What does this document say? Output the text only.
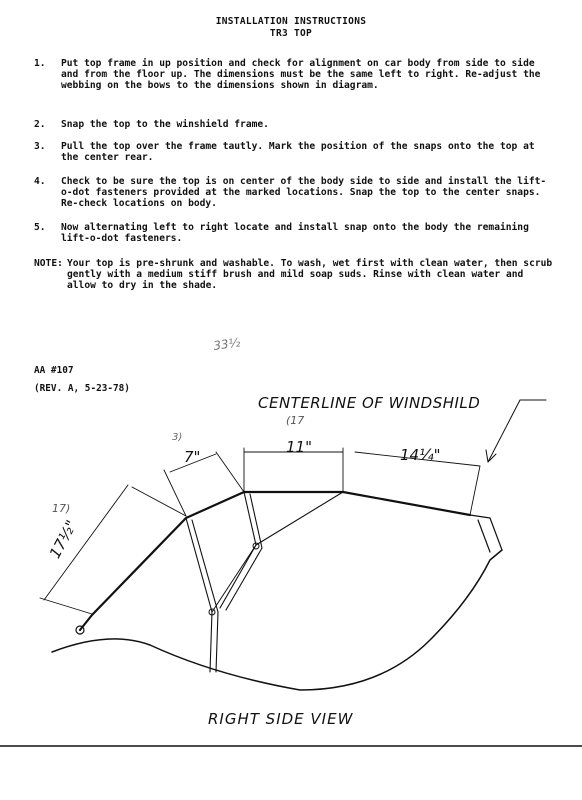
INSTALLATION INSTRUCTIONS
TR3 TOP
1. Put top frame in up position and check for alignment on car body from side to side and from the floor up. The dimensions must be the same left to right. Re-adjust the webbing on the bows to the dimensions shown in diagram.
2. Snap the top to the winshield frame.
3. Pull the top over the frame tautly. Mark the position of the snaps onto the top at the center rear.
4. Check to be sure the top is on center of the body side to side and install the lift-o-dot fasteners provided at the marked locations. Snap the top to the center snaps. Re-check locations on body.
5. Now alternating left to right locate and install snap onto the body the remaining lift-o-dot fasteners.
NOTE: Your top is pre-shrunk and washable. To wash, wet first with clean water, then scrub gently with a medium stiff brush and mild soap suds. Rinse with clean water and allow to dry in the shade.
AA #107
(REV. A, 5-23-78)
CENTERLINE OF WINDSHILD
RIGHT SIDE VIEW
17½"
7"
11"	14¼"
17)
(17
3)
33½
